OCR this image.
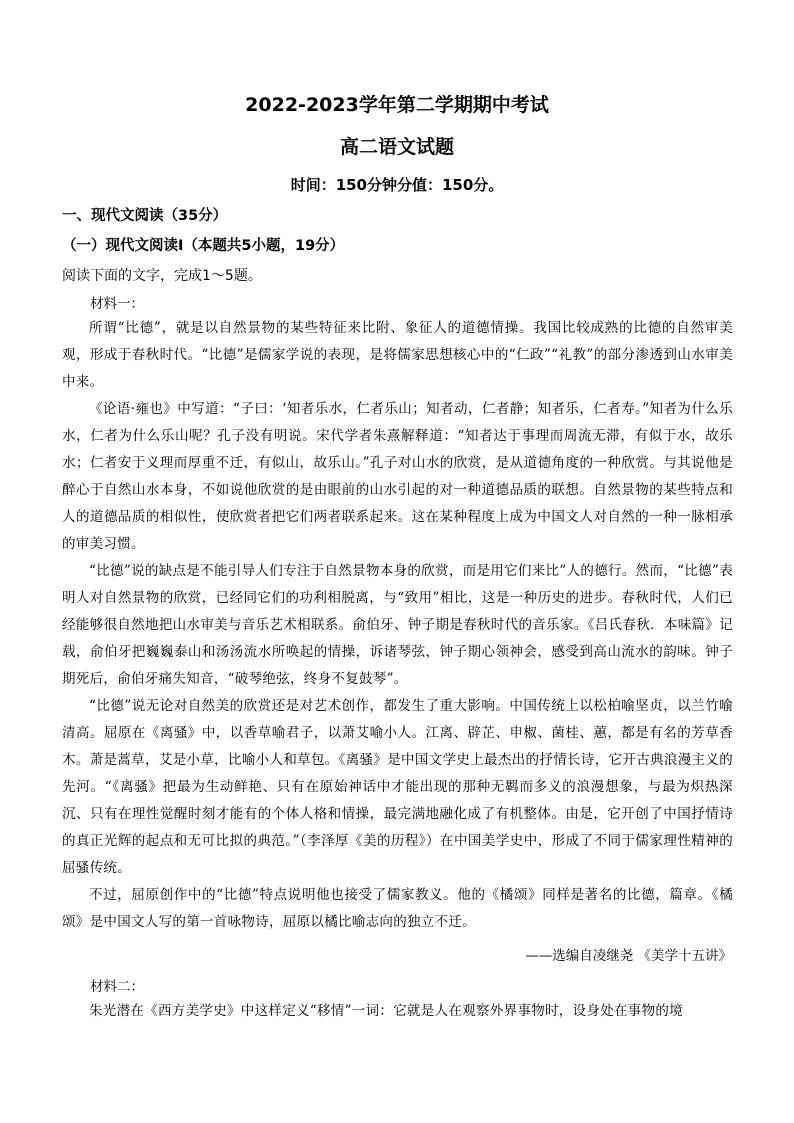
2022-2023学年第二学期期中考试
高二语文试题
时间：150分钟分值：150分。
一、现代文阅读（35分）
（一）现代文阅读Ⅰ（本题共5小题，19分）
阅读下面的文字，完成1～5题。
材料一：

所谓“比德”，就是以自然景物的某些特征来比附、象征人的道德情操。我国比较成熟的比德的自然审美观，形成于春秋时代。“比德”是儒家学说的表现，是将儒家思想核心中的“仁政”“礼教”的部分渗透到山水审美中来。

《论语·雍也》中写道：“子曰：‘知者乐水，仁者乐山；知者动，仁者静；知者乐，仁者寿。”知者为什么乐水，仁者为什么乐山呢？孔子没有明说。宋代学者朱熹解释道：“知者达于事理而周流无滞，有似于水，故乐水；仁者安于义理而厚重不迁，有似山，故乐山。”孔子对山水的欣赏，是从道德角度的一种欣赏。与其说他是醉心于自然山水本身，不如说他欣赏的是由眼前的山水引起的对一种道德品质的联想。自然景物的某些特点和人的道德品质的相似性，使欣赏者把它们两者联系起来。这在某种程度上成为中国文人对自然的一种一脉相承的审美习惯。

“比德”说的缺点是不能引导人们专注于自然景物本身的欣赏，而是用它们来比”人的德行。然而，“比德”表明人对自然景物的欣赏，已经同它们的功利相脱离，与“致用”相比，这是一种历史的进步。春秋时代，人们已经能够很自然地把山水审美与音乐艺术相联系。俞伯牙、钟子期是春秋时代的音乐家。《吕氏春秋．本味篇》记载，俞伯牙把巍巍泰山和汤汤流水所唤起的情操，诉诸琴弦，钟子期心领神会，感受到高山流水的韵味。钟子期死后，俞伯牙痛失知音，“破琴绝弦，终身不复鼓琴”。

“比德”说无论对自然美的欣赏还是对艺术创作，都发生了重大影响。中国传统上以松柏喻坚贞，以兰竹喻清高。屈原在《离骚》中，以香草喻君子，以萧艾喻小人。江离、辟芷、申椒、菌桂、蕙，都是有名的芳草香木。萧是蒿草，艾是小草，比喻小人和草包。《离骚》是中国文学史上最杰出的抒情长诗，它开古典浪漫主义的先河。“《离骚》把最为生动鲜艳、只有在原始神话中才能出现的那种无羁而多义的浪漫想象，与最为炽热深沉、只有在理性觉醒时刻才能有的个体人格和情操，最完满地融化成了有机整体。由是，它开创了中国抒情诗的真正光辉的起点和无可比拟的典范。”（李泽厚《美的历程》）在中国美学史中，形成了不同于儒家理性精神的屈骚传统。

不过，屈原创作中的“比德”特点说明他也接受了儒家教义。他的《橘颂》同样是著名的比德，篇章。《橘颂》是中国文人写的第一首咏物诗，屈原以橘比喻志向的独立不迁。

——选编自凌继尧 《美学十五讲》
材料二：

朱光潜在《西方美学史》中这样定义“移情”一词：它就是人在观察外界事物时，设身处在事物的境
